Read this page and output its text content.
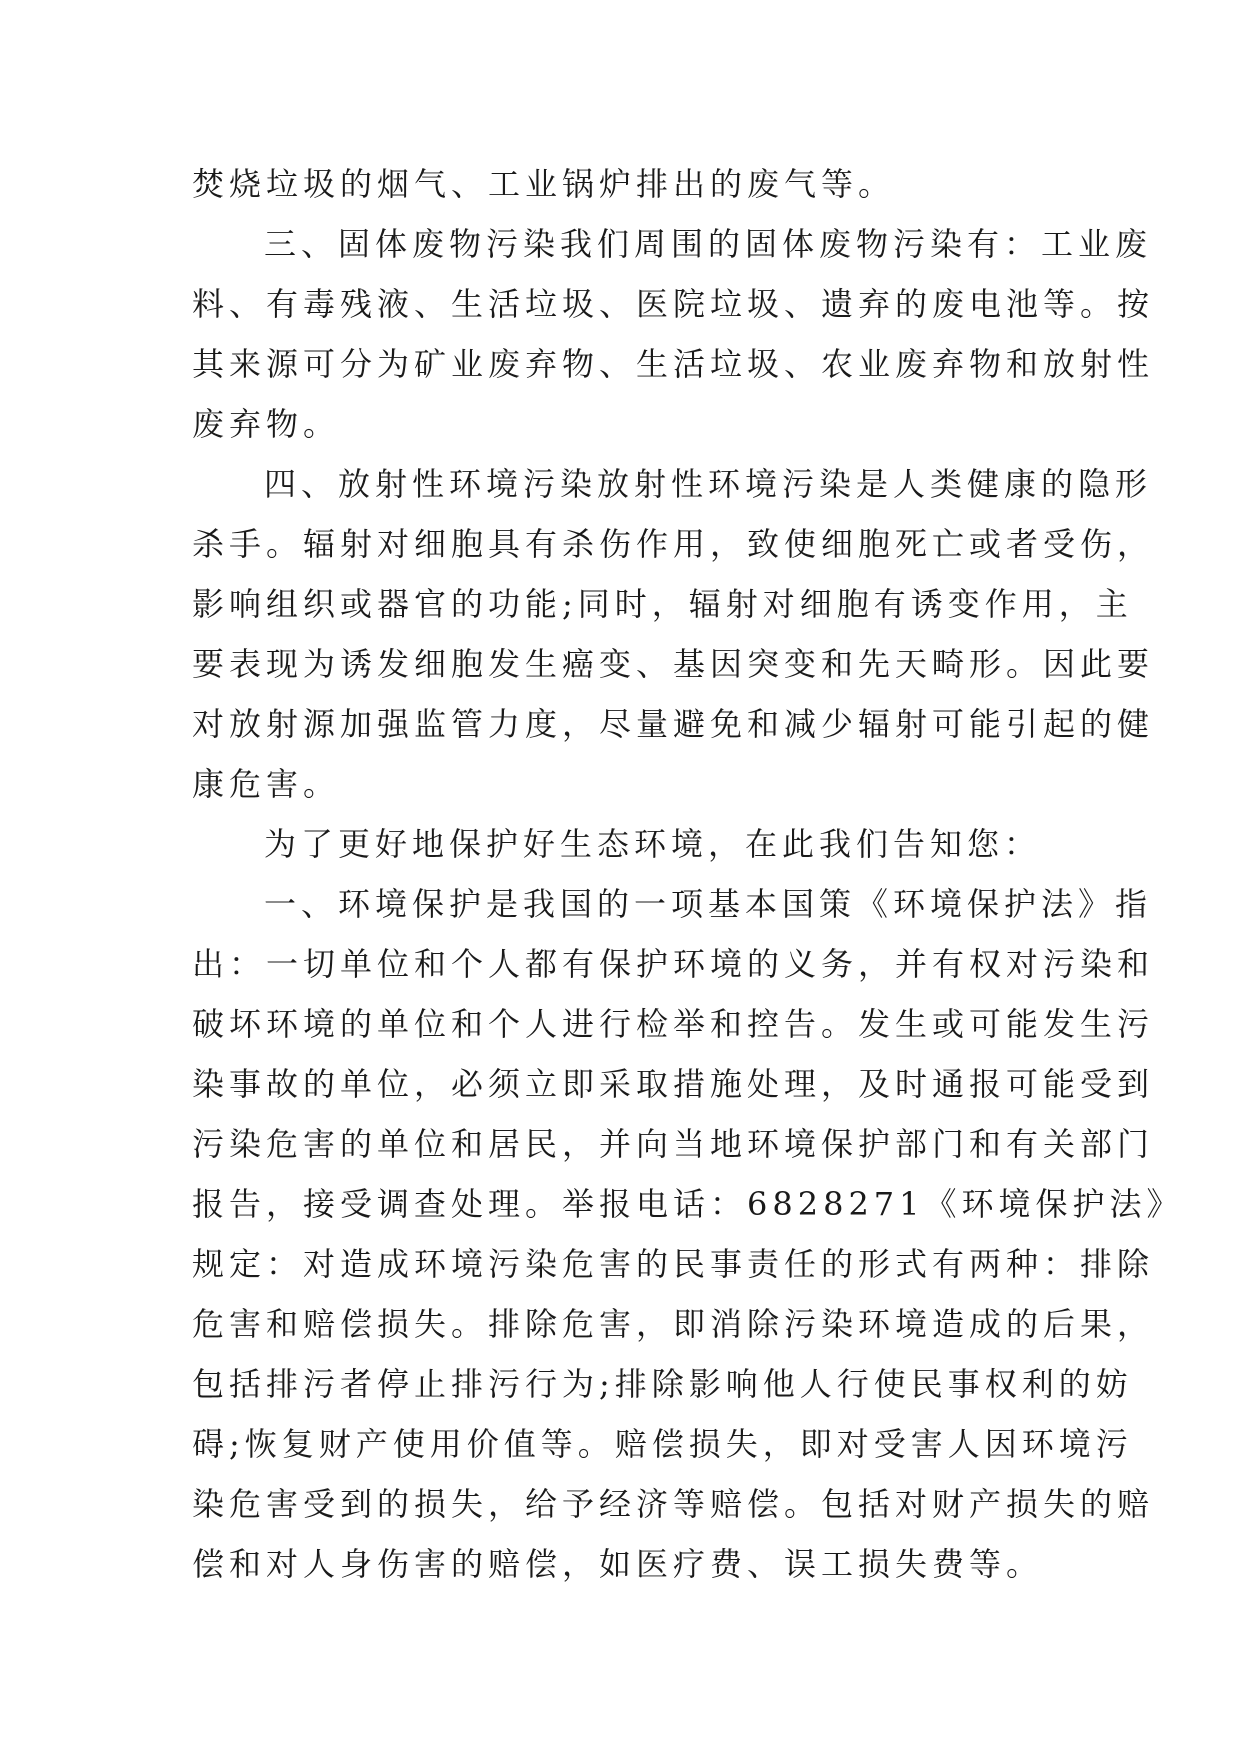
焚烧垃圾的烟气、工业锅炉排出的废气等。
三、固体废物污染我们周围的固体废物污染有：工业废
料、有毒残液、生活垃圾、医院垃圾、遗弃的废电池等。按
其来源可分为矿业废弃物、生活垃圾、农业废弃物和放射性
废弃物。
四、放射性环境污染放射性环境污染是人类健康的隐形
杀手。辐射对细胞具有杀伤作用，致使细胞死亡或者受伤，
影响组织或器官的功能;同时，辐射对细胞有诱变作用，主
要表现为诱发细胞发生癌变、基因突变和先天畸形。因此要
对放射源加强监管力度，尽量避免和减少辐射可能引起的健
康危害。
为了更好地保护好生态环境，在此我们告知您：
一、环境保护是我国的一项基本国策《环境保护法》指
出：一切单位和个人都有保护环境的义务，并有权对污染和
破坏环境的单位和个人进行检举和控告。发生或可能发生污
染事故的单位，必须立即采取措施处理，及时通报可能受到
污染危害的单位和居民，并向当地环境保护部门和有关部门
报告，接受调查处理。举报电话：6828271《环境保护法》
规定：对造成环境污染危害的民事责任的形式有两种：排除
危害和赔偿损失。排除危害，即消除污染环境造成的后果，
包括排污者停止排污行为;排除影响他人行使民事权利的妨
碍;恢复财产使用价值等。赔偿损失，即对受害人因环境污
染危害受到的损失，给予经济等赔偿。包括对财产损失的赔
偿和对人身伤害的赔偿，如医疗费、误工损失费等。
